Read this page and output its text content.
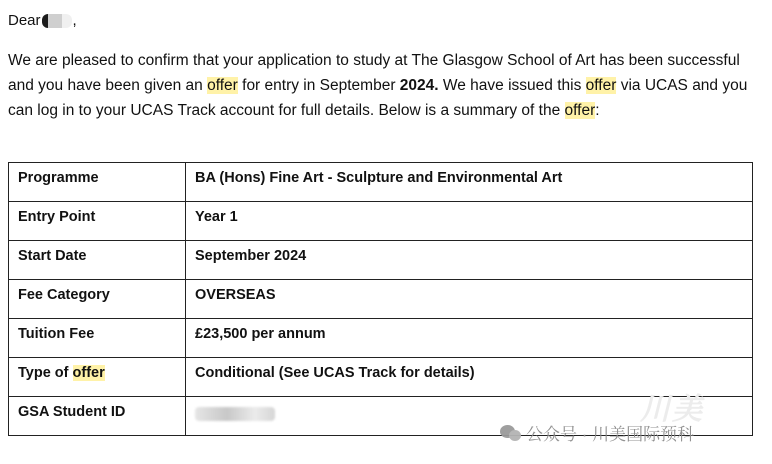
Dear ,
We are pleased to confirm that your application to study at The Glasgow School of Art has been successful and you have been given an offer for entry in September 2024. We have issued this offer via UCAS and you can log in to your UCAS Track account for full details. Below is a summary of the offer:
Programme	BA (Hons) Fine Art - Sculpture and Environmental Art
Entry Point	Year 1
Start Date	September 2024
Fee Category	OVERSEAS
Tuition Fee	£23,500 per annum
Type of offer	Conditional (See UCAS Track for details)
GSA Student ID		川美
公众号 · 川美国际预科
